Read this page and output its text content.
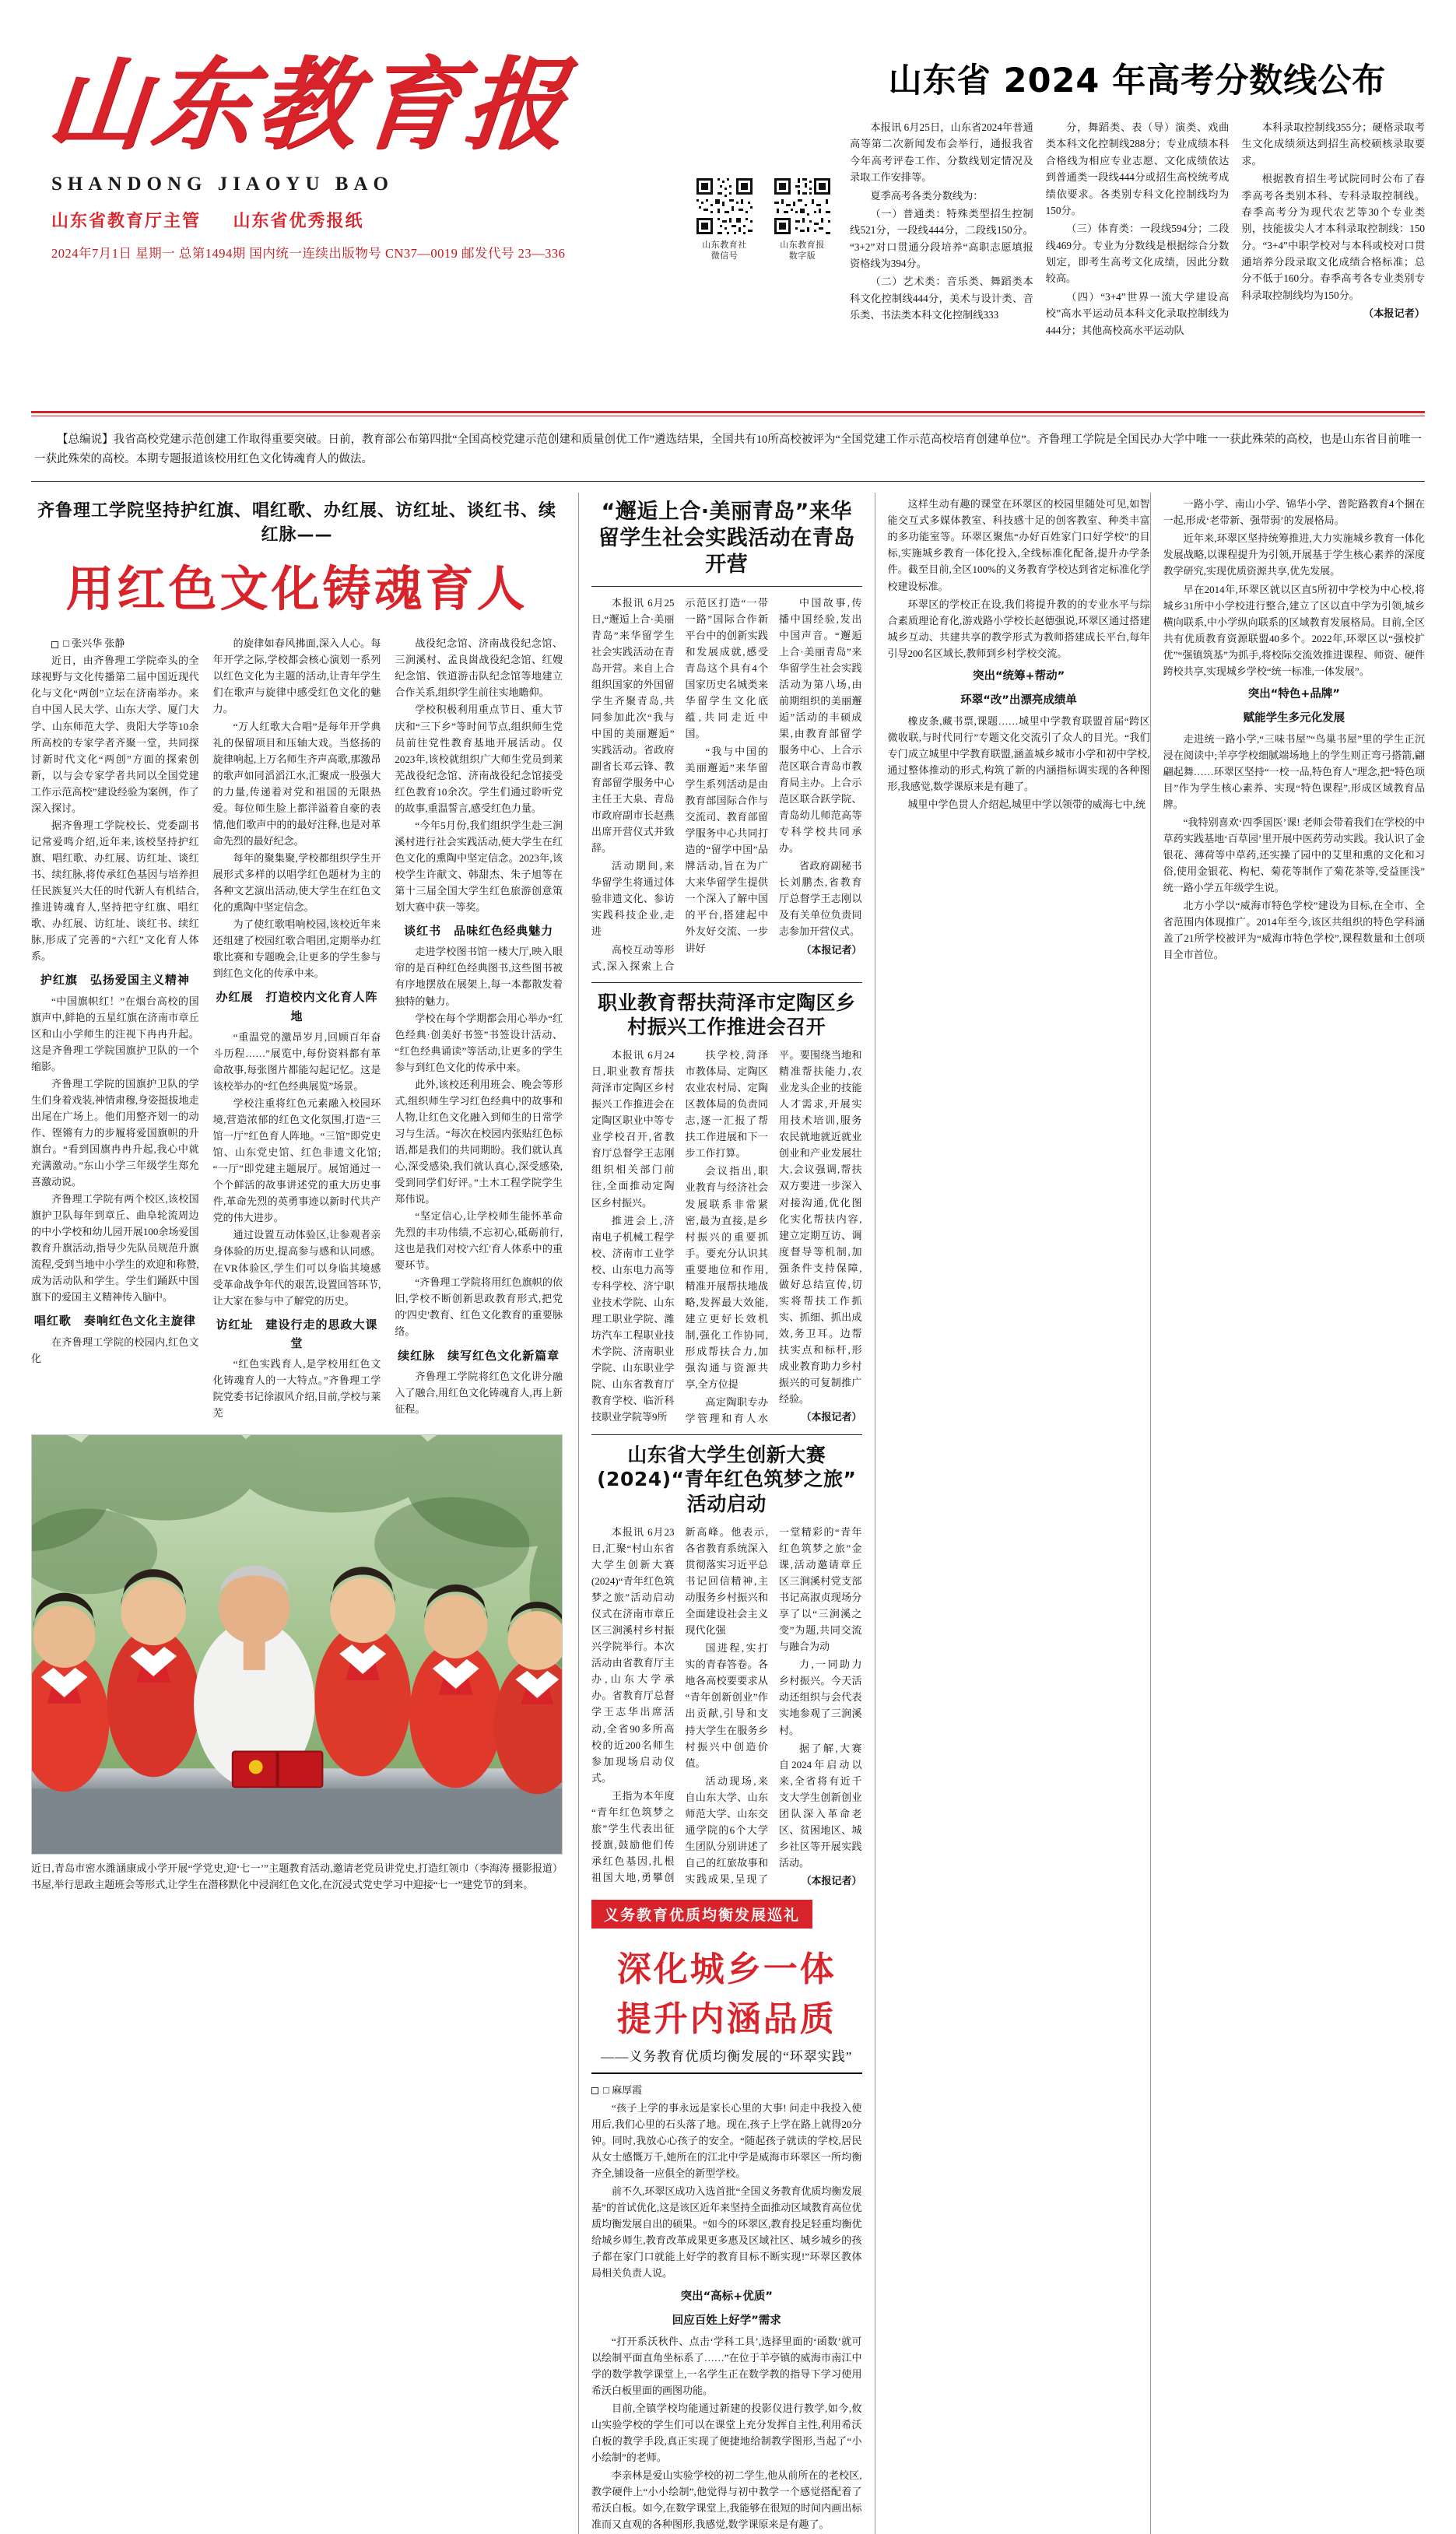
山东教育报
SHANDONG JIAOYU BAO
山东省教育厅主管 山东省优秀报纸
2024年7月1日 星期一 总第1494期 国内统一连续出版物号 CN37—0019 邮发代号 23—336
山东教育社
微信号
山东教育报
数字版
山东省 2024 年高考分数线公布

本报讯 6月25日，山东省2024年普通高等第二次新闻发布会举行，通报我省今年高考评卷工作、分数线划定情况及录取工作安排等。

夏季高考各类分数线为：

（一）普通类：特殊类型招生控制线521分，一段线444分，二段线150分。“3+2”对口贯通分段培养“高职志愿填报资格线为394分。

（二）艺术类：音乐类、舞蹈类本科文化控制线444分，美术与设计类、音乐类、书法类本科文化控制线333

分，舞蹈类、表（导）演类、戏曲类本科文化控制线288分；专业成绩本科合格线为相应专业志愿、文化成绩依达到普通类一段线444分或招生高校统考成绩依要求。各类别专科文化控制线均为150分。

（三）体育类：一段线594分；二段线469分。专业为分数线是根据综合分数划定，即考生高考文化成绩，因此分数较高。

（四）“3+4”世界一流大学建设高校”高水平运动员本科文化录取控制线为444分；其他高校高水平运动队

本科录取控制线355分；硬格录取考生文化成绩须达到招生高校硕核录取要求。

根据教育招生考试院同时公布了春季高考各类别本科、专科录取控制线。春季高考分为现代农艺等30个专业类别，技能拔尖人才本科录取控制线：150分。“3+4”中职学校对与本科或校对口贯通培养分段录取文化成绩合格标准；总分不低于160分。春季高考各专业类别专科录取控制线均为150分。

（本报记者）

【总编说】我省高校党建示范创建工作取得重要突破。日前，教育部公布第四批“全国高校党建示范创建和质量创优工作”遴选结果，全国共有10所高校被评为“全国党建工作示范高校培育创建单位”。齐鲁理工学院是全国民办大学中唯一一获此殊荣的高校，也是山东省目前唯一一获此殊荣的高校。本期专题报道该校用红色文化铸魂育人的做法。
齐鲁理工学院坚持护红旗、唱红歌、办红展、访红址、谈红书、续红脉——
用红色文化铸魂育人

□ 张兴华 张静

近日，由齐鲁理工学院牵头的全球视野与文化传播第二届中国近现代化与文化“两创”立坛在济南举办。来自中国人民大学、山东大学、厦门大学、山东师范大学、贵阳大学等10余所高校的专家学者齐聚一堂，共同探讨新时代文化“两创”方面的探索创新，以与会专家学者共同以全国党建工作示范高校”建设经验为案例，作了深入探讨。

据齐鲁理工学院校长、党委副书记常爱鸣介绍,近年来,该校坚持护红旗、唱红歌、办红展、访红址、谈红书、续红脉,将传承红色基因与培养担任民族复兴大任的时代新人有机结合,推进铸魂育人,坚持把守红旗、唱红歌、办红展、访红址、谈红书、续红脉,形成了完善的“六红”文化育人体系。

护红旗　弘扬爱国主义精神

“中国旗帜红！”在烟台高校的国旗声中,鲜艳的五星红旗在济南市章丘区和山小学师生的注视下冉冉升起。这是齐鲁理工学院国旗护卫队的一个缩影。

齐鲁理工学院的国旗护卫队的学生们身着戏装,神情肃穆,身姿挺拔地走出尾在广场上。他们用整齐划一的动作、铿锵有力的步履将爱国旗帜的升旗台。“看到国旗冉冉升起,我心中就充满激动。”东山小学三年级学生郑允喜激动说。

齐鲁理工学院有两个校区,该校国旗护卫队每年到章丘、曲阜轮流周边的中小学校和幼儿园开展100余场爱国教育升旗活动,指导少先队员规范升旗流程,受到当地中小学生的欢迎和称赞,成为活动队和学生。学生们踊跃中国旗下的爱国主义精神传入脑中。

唱红歌　奏响红色文化主旋律

在齐鲁理工学院的校园内,红色文化

的旋律如春风拂面,深入人心。每年开学之际,学校都会核心演划一系列以红色文化为主题的活动,让青年学生们在歌声与旋律中感受红色文化的魅力。

“万人红歌大合唱”是每年开学典礼的保留项目和压轴大戏。当悠扬的旋律响起,上万名师生齐声高歌,那激昂的歌声如同滔滔江水,汇聚成一股强大的力量,传递着对党和祖国的无限热爱。每位师生脸上都洋溢着自豪的表情,他们歌声中的的最好注释,也是对革命先烈的最好纪念。

每年的聚集聚,学校都组织学生开展形式多样的以唱学红色题材为主的各种文艺演出活动,使大学生在红色文化的熏陶中坚定信念。

为了使红歌唱响校园,该校近年来还组建了校园红歌合唱团,定期举办红歌比赛和专题晚会,让更多的学生参与到红色文化的传承中来。

办红展　打造校内文化育人阵地

“重温党的激昂岁月,回顾百年奋斗历程……”展览中,每份资料都有革命故事,每张图片都能勾起记忆。这是该校举办的“红色经典展览”场景。

学校注重将红色元素融入校园环境,营造浓郁的红色文化氛围,打造“三馆一厅”红色育人阵地。“三馆”即党史馆、山东党史馆、红色非遗文化馆;“一厅”即党建主题展厅。展馆通过一个个鲜活的故事讲述党的重大历史事件,革命先烈的英勇事迹以新时代共产党的伟大进步。

通过设置互动体验区,让参观者亲身体验的历史,提高参与感和认同感。在VR体验区,学生们可以身临其境感受革命战争年代的艰苦,设置回答环节,让大家在参与中了解党的历史。

访红址　建设行走的思政大课堂

“红色实践育人,是学校用红色文化铸魂育人的一大特点。”齐鲁理工学院党委书记徐淑风介绍,目前,学校与莱芜

战役纪念馆、济南战役纪念馆、三涧溪村、孟良崮战役纪念馆、红嫂纪念馆、铁道游击队纪念馆等地建立合作关系,组织学生前往实地瞻仰。

学校积极利用重点节日、重大节庆和“三下乡”等时间节点,组织师生党员前往党性教育基地开展活动。仅2023年,该校就组织广大师生党员到莱芜战役纪念馆、济南战役纪念馆接受红色教育10余次。学生们通过聆听党的故事,重温誓言,感受红色力量。

“今年5月份,我们组织学生赴三涧溪村进行社会实践活动,使大学生在红色文化的熏陶中坚定信念。2023年,该校学生许献文、韩甜杰、朱子旭等在第十三届全国大学生红色旅游创意策划大赛中获一等奖。

谈红书　品味红色经典魅力

走进学校图书馆一楼大厅,映入眼帘的是百种红色经典图书,这些图书被有序地摆放在展架上,每一本都散发着独特的魅力。

学校在每个学期都会用心举办“红色经典·创美好书签”书签设计活动、“红色经典诵读”等活动,让更多的学生参与到红色文化的传承中来。

此外,该校还利用班会、晚会等形式,组织师生学习红色经典中的故事和人物,让红色文化融入到师生的日常学习与生活。“每次在校园内张贴红色标语,都是我们的共同期盼。我们就认真心,深受感染,我们就认真心,深受感染,受到同学们好评。”土木工程学院学生郑伟说。

“坚定信心,让学校师生能怀革命先烈的丰功伟绩,不忘初心,砥砺前行,这也是我们对校'六红'育人体系中的重要环节。

“齐鲁理工学院将用红色旗帜的依旧,学校不断创新思政教育形式,把党的'四史'教育、红色文化教育的重要脉络。

续红脉　续写红色文化新篇章

齐鲁理工学院将红色文化讲分融入了融合,用红色文化铸魂育人,再上新征程。

（李海涛 摄影报道）
近日,青岛市密水潍涵康成小学开展“学党史,迎‘七一’”主题教育活动,邀请老党员讲党史,打造红领巾书屋,举行思政主题班会等形式,让学生在潜移默化中浸润红色文化,在沉浸式党史学习中迎接“七一”建党节的到来。
“邂逅上合·美丽青岛”来华留学生社会实践活动在青岛开营

本报讯 6月25日,“邂逅上合·美丽青岛”来华留学生社会实践活动在青岛开营。来自上合组织国家的外国留学生齐聚青岛,共同参加此次“我与中国的美丽邂逅”实践活动。省政府副省长邓云锋、教育部留学服务中心主任王大泉、青岛市政府副市长赵燕出席开营仪式并致辞。

活动期间,来华留学生将通过体验非遗文化、参访实践科技企业,走进

高校互动等形式,深入探索上合示范区打造“一带一路”国际合作新平台中的创新实践和发展成就,感受青岛这个具有4个国家历史名城类来华留学生文化底蕴,共同走近中国。

“我与中国的美丽邂逅”来华留学生系列活动是由教育部国际合作与交流司、教育部留学服务中心共同打造的“留学中国”品牌活动,旨在为广大来华留学生提供一个深入了解中国的平台,搭建起中外友好交流、一步讲好

中国故事,传播中国经验,发出中国声音。“邂逅上合·美丽青岛”来华留学生社会实践活动为第八场,由前期组织的美丽邂逅”活动的丰硕成果,由教育部留学服务中心、上合示范区联合青岛市教育局主办。上合示范区联合跃学院、青岛幼儿师范高等专科学校共同承办。

省政府副秘书长刘鹏杰,省教育厅总督学王志刚以及有关单位负责同志参加开营仪式。

（本报记者）

职业教育帮扶菏泽市定陶区乡村振兴工作推进会召开

本报讯 6月24日,职业教育帮扶菏泽市定陶区乡村振兴工作推进会在定陶区职业中等专业学校召开,省教育厅总督学王志刚组织相关部门前往,全面推动定陶区乡村振兴。

推进会上,济南电子机械工程学校、济南市工业学校、山东电力高等专科学校、济宁职业技术学院、山东理工职业学院、潍坊汽车工程职业技术学院、济南职业学院、山东职业学院、山东省教育厅教育学校、临沂科技职业学院等9所

扶学校,菏泽市教体局、定陶区农业农村局、定陶区教体局的负责同志,逐一汇报了帮扶工作进展和下一步工作打算。

会议指出,职业教育与经济社会发展联系非常紧密,最为直接,是乡村振兴的重要抓手。要充分认识其重要地位和作用,精准开展帮扶地战略,发挥最大效能,建立更好长效机制,强化工作协同,形成帮扶合力,加强沟通与资源共享,全方位提

高定陶职专办学管理和育人水平。要围绕当地和精准帮扶能力,农业龙头企业的技能人才需求,开展实用技术培训,服务农民就地就近就业创业和产业发展壮大,会议强调,帮扶双方要进一步深入对接沟通,优化图化实化帮扶内容,建立定期互访、调度督导等机制,加强条件支持保障,做好总结宣传,切实将帮扶工作抓实、抓细、抓出成效,务卫耳。边帮扶实点和标杆,形成业教育助力乡村振兴的可复制推广经验。

（本报记者）

山东省大学生创新大赛(2024)“青年红色筑梦之旅”活动启动

本报讯 6月23日,汇聚“村山东省大学生创新大赛(2024)“青年红色筑梦之旅”活动启动仪式在济南市章丘区三涧溪村乡村振兴学院举行。本次活动由省教育厅主办,山东大学承办。省教育厅总督学王志华出席活动,全省90多所高校的近200名师生参加现场启动仪式。

王指为本年度“青年红色筑梦之旅”学生代表出征授旗,鼓励他们传承红色基因,扎根祖国大地,勇攀创新高峰。他表示,各省教育系统深入贯彻落实习近平总书记回信精神,主动服务乡村振兴和全面建设社会主义现代化强

国进程,实打实的青春答卷。各地各高校要要求从“青年创新创业”作出贡献,引导和支持大学生在服务乡村振兴中创造价值。

活动现场,来自山东大学、山东师范大学、山东交通学院的6个大学生团队分别讲述了自己的红旅故事和实践成果,呈现了一堂精彩的“青年红色筑梦之旅”金课,活动邀请章丘区三涧溪村党支部书记高淑贞现场分享了以“三涧溪之变”为题,共同交流与融合为动

力,一同助力乡村振兴。今天活动还组织与会代表实地参观了三涧溪村。

据了解,大赛自2024年启动以来,全省将有近千支大学生创新创业团队深入革命老区、贫困地区、城乡社区等开展实践活动。

（本报记者）

义务教育优质均衡发展巡礼
深化城乡一体　提升内涵品质
——义务教育优质均衡发展的“环翠实践”

□ 麻厚霞

“孩子上学的事永远是家长心里的大事! 问走中我投入使用后,我们心里的石头落了地。现在,孩子上学在路上就得20分钟。同时,我放心心孩子的安全。“随起孩子就读的学校,居民从女士感慨万千,她所在的江北中学是威海市环翠区一所均衡齐全,铺设备一应俱全的新型学校。

前不久,环翠区成功入选首批“全国义务教育优质均衡发展基”的首试优化,这是该区近年来坚持全面推动区域教育高位优质均衡发展自出的硕果。“如今的环翠区,教育投足轻重均衡优给城乡师生,教育改革成果更多惠及区域社区、城乡城乡的孩子都在家门口就能上好学的教育目标不断实现!”环翠区教体局相关负责人说。

突出“高标+优质”
回应百姓上好学”需求

“打开系沃秋件、点击‘学科工具’,选择里面的‘函数’就可以绘制平面直角坐标系了……”在位于羊亭镇的威海市南江中学的数学教学课堂上,一名学生正在数学教的指导下学习使用希沃白板里面的画图功能。

目前,全镇学校均能通过新建的投影仪进行教学,如今,攸山实验学校的学生们可以在课堂上充分发挥自主性,利用希沃白板的教学手段,真正实现了便捷地给制教学图形,当起了“小小绘制”的老师。

李亲林是爱山实验学校的初二学生,他从前所在的老校区,教学硬件上“小小绘制”,他觉得与初中教学一个感觉搭配着了希沃白板。如今,在数学课堂上,我能够在很短的时间内画出标准而又直观的各种图形,我感觉,数学课原来是有趣了。

这样生动有趣的课堂在环翠区的校园里随处可见,如智能交互式多媒体教室、科技感十足的创客教室、种类丰富的多功能室等。环翠区聚焦“办好百姓家门口好学校”的目标,实施城乡教育一体化投入,全线标准化配备,提升办学条件。截至目前,全区100%的义务教育学校达到省定标准化学校建设标准。

环翠区的学校正在设,我们将提升教的的专业水平与综合素质理论育化,游戏路小学校长赵德强说,环翠区通过搭建城乡互动、共建共享的教学形式为教师搭建成长平台,每年引导200名区域长,教师到乡村学校交流。

突出“统筹+帮动”
环翠“改”出漂亮成绩单

橡皮条,藏书票,课题……城里中学教育联盟首届“跨区微收联,与时代同行”专题文化交流引了众人的目光。“我们专门成立城里中学教育联盟,涵盖城乡城市小学和初中学校,通过整体推动的形式,构筑了新的内涵指标调实现的各种图形,我感觉,数学课原来是有趣了。

城里中学色贯人介绍起,城里中学以领带的威海七中,统

一路小学、南山小学、锦华小学、普陀路教育4个捆在一起,形成‘老带新、强带弱’的发展格局。

近年来,环翠区坚持统筹推进,大力实施城乡教育一体化发展战略,以课程提升为引领,开展基于学生核心素养的深度教学研究,实现优质资源共享,优先发展。

早在2014年,环翠区就以区直5所初中学校为中心校,将城乡31所中小学校进行整合,建立了区以直中学为引领,城乡横向联系,中小学纵向联系的区域教育发展格局。目前,全区共有优质教育资源联盟40多个。2022年,环翠区以“强校扩优”“强镇筑基”为抓手,将校际交流效推进课程、师资、硬件跨校共享,实现城乡学校“统一标准,一体发展”。

突出“特色+品牌”
赋能学生多元化发展

走进统一路小学,“三味书屋”“鸟巢书屋”里的学生正沉浸在阅读中;羊亭学校细腻端场地上的学生则正弯弓搭箭,翩翩起舞……环翠区坚持“一校一品,特色育人”理念,把“特色项目”作为学生核心素养、实现“特色课程”,形成区域教育品牌。

“我特别喜欢‘四季国医’课! 老师会带着我们在学校的中草药实践基地‘百草园’里开展中医药劳动实践。我认识了金银花、薄荷等中草药,还实操了园中的艾里和熏的文化和习俗,使用金银花、构杞、菊花等制作了菊花茶等,受益匪浅”统一路小学五年级学生说。

北方小学以“威海市特色学校”建设为目标,在全市、全省范围内体现推广。2014年至今,该区共组织的特色学科涵盖了21所学校被评为“威海市特色学校”,课程数量和土创项目全市首位。
